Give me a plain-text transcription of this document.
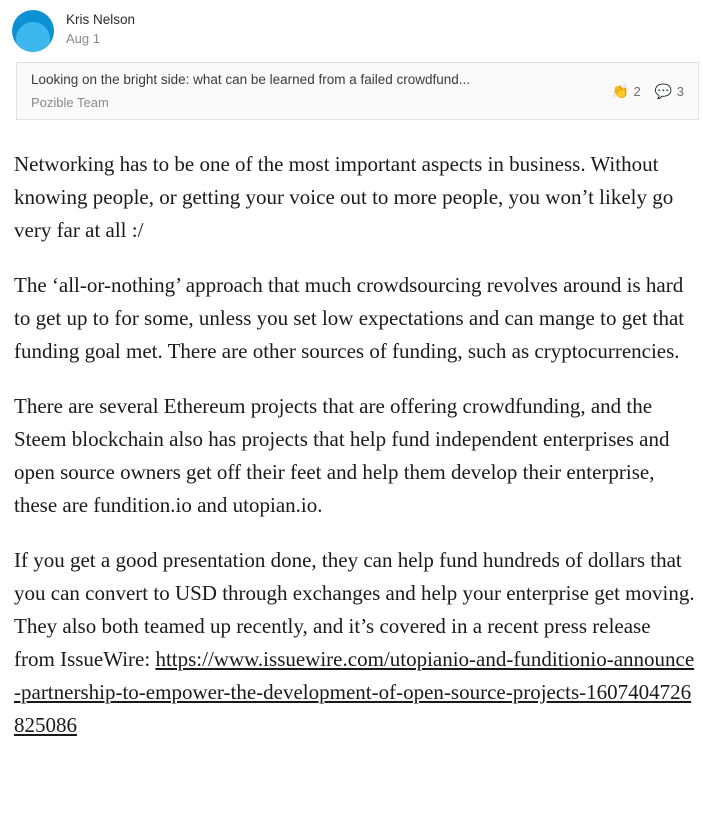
Kris Nelson
Aug 1
Looking on the bright side: what can be learned from a failed crowdfund...
Pozible Team
👏 2 💬 3

Networking has to be one of the most important aspects in business. Without knowing people, or getting your voice out to more people, you won’t likely go very far at all :/

The ‘all-or-nothing’ approach that much crowdsourcing revolves around is hard to get up to for some, unless you set low expectations and can mange to get that funding goal met. There are other sources of funding, such as cryptocurrencies.

There are several Ethereum projects that are offering crowdfunding, and the Steem blockchain also has projects that help fund independent enterprises and open source owners get off their feet and help them develop their enterprise, these are fundition.io and utopian.io.

If you get a good presentation done, they can help fund hundreds of dollars that you can convert to USD through exchanges and help your enterprise get moving. They also both teamed up recently, and it’s covered in a recent press release from IssueWire: https://www.issuewire.com/utopianio-and-funditionio-announce-partnership-to-empower-the-development-of-open-source-projects-1607404726825086
